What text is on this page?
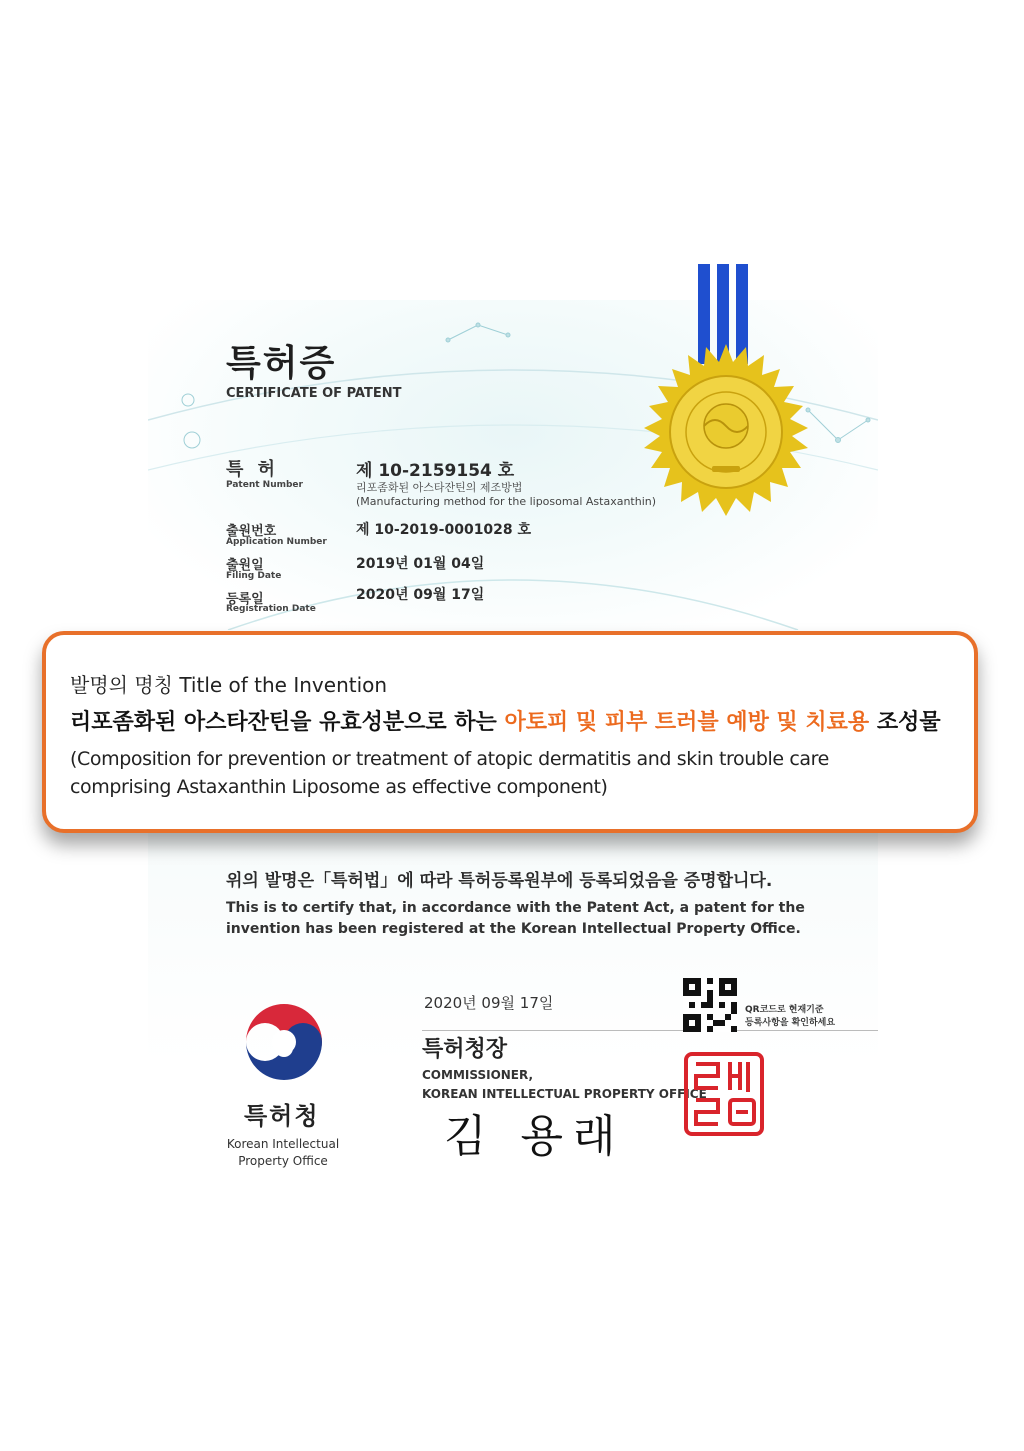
특허증
CERTIFICATE OF PATENT
특 허
Patent Number
제 10-2159154 호
리포좀화된 아스타잔틴의 제조방법
(Manufacturing method for the liposomal Astaxanthin)
출원번호
Application Number
제 10-2019-0001028 호
출원일
Filing Date
2019년 01월 04일
등록일
Registration Date
2020년 09월 17일
발명의 명칭 Title of the Invention
리포좀화된 아스타잔틴을 유효성분으로 하는 아토피 및 피부 트러블 예방 및 치료용 조성물
(Composition for prevention or treatment of atopic dermatitis and skin trouble care
comprising Astaxanthin Liposome as effective component)
위의 발명은「특허법」에 따라 특허등록원부에 등록되었음을 증명합니다.
This is to certify that, in accordance with the Patent Act, a patent for the
invention has been registered at the Korean Intellectual Property Office.
2020년 09월 17일	QR코드로 현재기준
등록사항을 확인하세요
특허청장
COMMISSIONER,
KOREAN INTELLECTUAL PROPERTY OFFICE
김 용래
특허청
Korean Intellectual
Property Office
